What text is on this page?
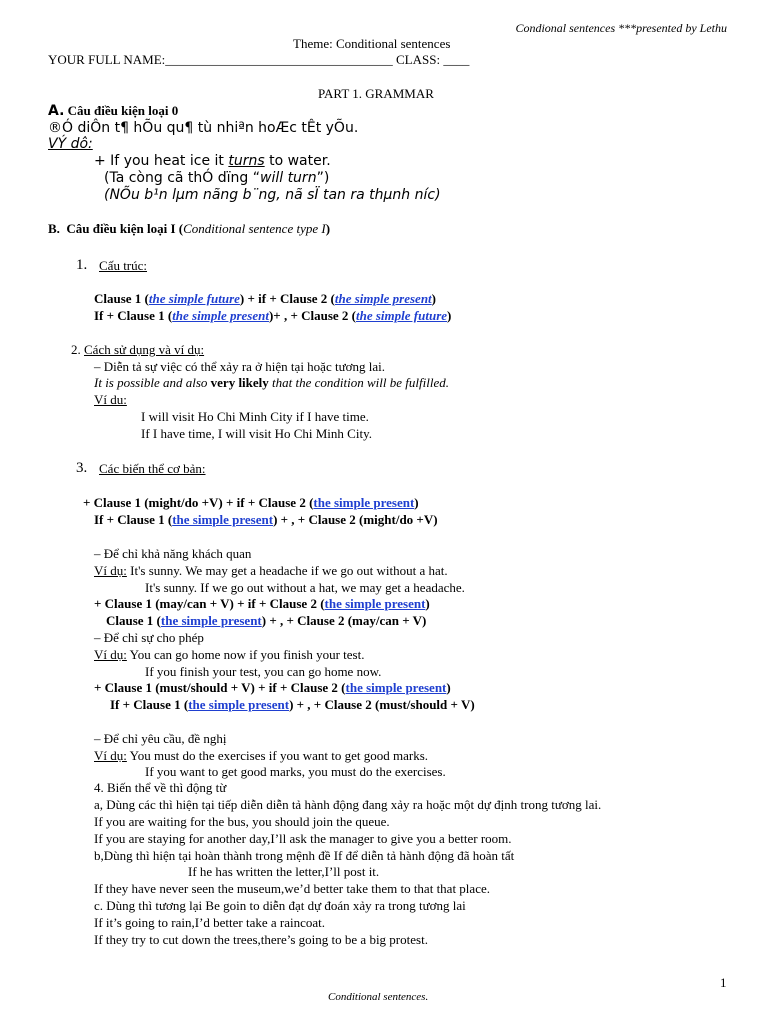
Condional sentences ***presented by Lethu
Theme: Conditional sentences
YOUR FULL NAME:___________________________________ CLASS: ____
PART 1. GRAMMAR
A. Câu điều kiện loại 0
®Ó diÔn t¶ hÕu qu¶ tù nhiªn hoÆc tÊt yÕu.
VÝ dô:
+ If you heat ice it turns to water.
(Ta còng cã thÓ dïng “will turn”)
(NÕu b¹n lµm nãng b¨ng, nã sÏ tan ra thµnh níc)
B. Câu điều kiện loại I (Conditional sentence type I)
1. Cấu trúc:
Clause 1 (the simple future) + if + Clause 2 (the simple present)
If + Clause 1 (the simple present)+ , + Clause 2 (the simple future)
2. Cách sử dụng và ví dụ:
– Diễn tả sự việc có thể xảy ra ở hiện tại hoặc tương lai.
It is possible and also very likely that the condition will be fulfilled.
Ví du:
I will visit Ho Chi Minh City if I have time.
If I have time, I will visit Ho Chi Minh City.
3. Các biến thể cơ bản:
+ Clause 1 (might/do +V) + if + Clause 2 (the simple present)
If + Clause 1 (the simple present) + , + Clause 2 (might/do +V)
– Để chỉ khả năng khách quan
Ví dụ: It's sunny. We may get a headache if we go out without a hat.
It's sunny. If we go out without a hat, we may get a headache.
+ Clause 1 (may/can + V) + if + Clause 2 (the simple present)
Clause 1 (the simple present) + , + Clause 2 (may/can + V)
– Để chỉ sự cho phép
Ví dụ: You can go home now if you finish your test.
If you finish your test, you can go home now.
+ Clause 1 (must/should + V) + if + Clause 2 (the simple present)
If + Clause 1 (the simple present) + , + Clause 2 (must/should + V)
– Để chỉ yêu cầu, đề nghị
Ví dụ: You must do the exercises if you want to get good marks.
If you want to get good marks, you must do the exercises.
4. Biến thể về thì động từ
a, Dùng các thì hiện tại tiếp diễn diễn tả hành động đang xảy ra hoặc một dự định trong tương lai.
If you are waiting for the bus, you should join the queue.
If you are staying for another day,I’ll ask the manager to give you a better room.
b,Dùng thì hiện tại hoàn thành trong mệnh đề If để diễn tả hành động đã hoàn tất
If he has written the letter,I’ll post it.
If they have never seen the museum,we’d better take them to that that place.
c. Dùng thì tương lại Be goin to diễn đạt dự đoán xảy ra trong tương lai
If it’s going to rain,I’d better take a raincoat.
If they try to cut down the trees,there’s going to be a big protest.
1
Conditional sentences.
